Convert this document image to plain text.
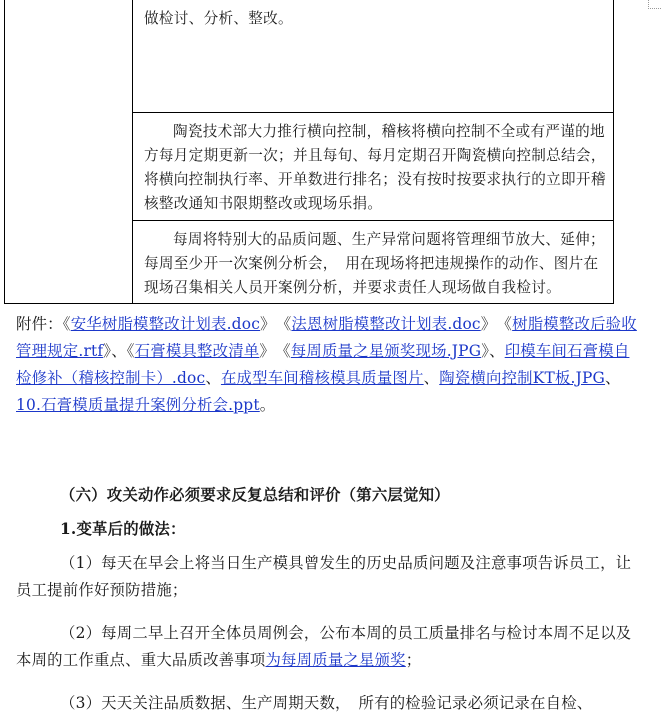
做检讨、分析、整改。

陶瓷技术部大力推行横向控制，稽核将横向控制不全或有严谨的地方每月定期更新一次；并且每旬、每月定期召开陶瓷横向控制总结会，将横向控制执行率、开单数进行排名；没有按时按要求执行的立即开稽核整改通知书限期整改或现场乐捐。

每周将特别大的品质问题、生产异常问题将管理细节放大、延伸；每周至少开一次案例分析会，　用在现场将把违规操作的动作、图片在现场召集相关人员开案例分析，并要求责任人现场做自我检讨。

附件：《安华树脂模整改计划表.doc》　《法恩树脂模整改计划表.doc》　《树脂模整改后验收管理规定.rtf》、《石膏模具整改清单》　《每周质量之星颁奖现场.JPG》、印模车间石膏模自检修补（稽核控制卡）.doc、在成型车间稽核模具质量图片、陶瓷横向控制KT板.JPG、10.石膏模质量提升案例分析会.ppt。

（六）攻关动作必须要求反复总结和评价（第六层觉知）

1.变革后的做法：

（1）每天在早会上将当日生产模具曾发生的历史品质问题及注意事项告诉员工，让员工提前作好预防措施；

（2）每周二早上召开全体员周例会，公布本周的员工质量排名与检讨本周不足以及本周的工作重点、重大品质改善事项为每周质量之星颁奖；

（3）天天关注品质数据、生产周期天数，　所有的检验记录必须记录在自检、
